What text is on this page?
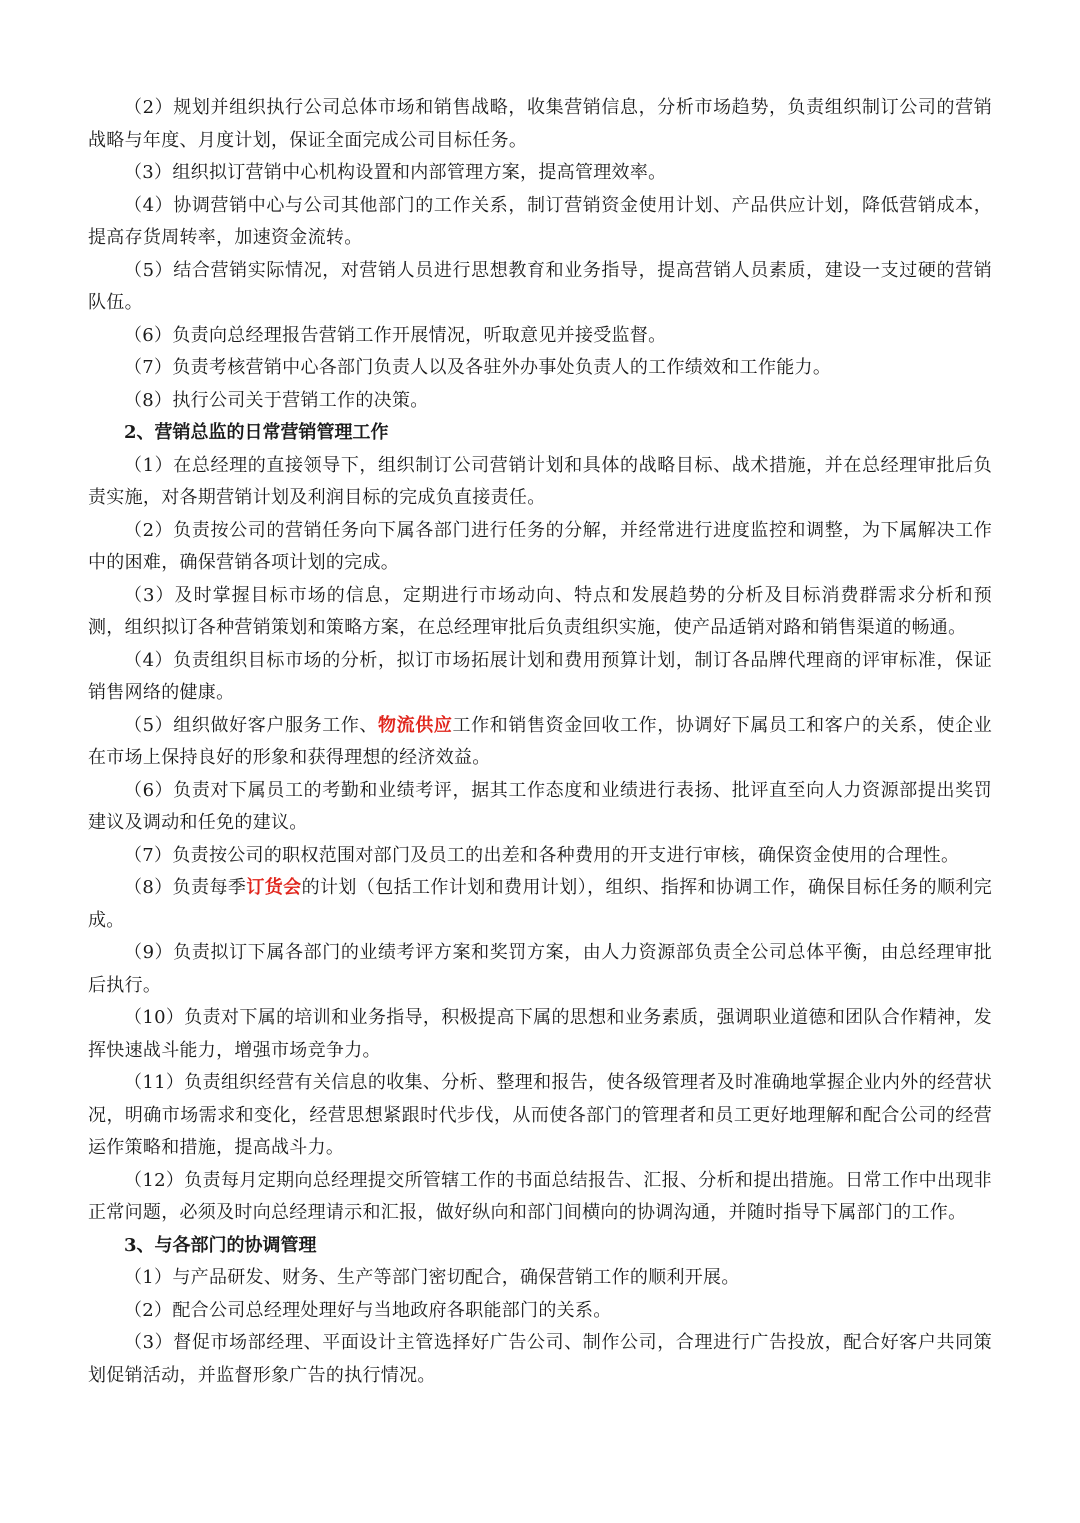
（2）规划并组织执行公司总体市场和销售战略，收集营销信息，分析市场趋势，负责组织制订公司的营销战略与年度、月度计划，保证全面完成公司目标任务。

（3）组织拟订营销中心机构设置和内部管理方案，提高管理效率。

（4）协调营销中心与公司其他部门的工作关系，制订营销资金使用计划、产品供应计划，降低营销成本，提高存货周转率，加速资金流转。

（5）结合营销实际情况，对营销人员进行思想教育和业务指导，提高营销人员素质，建设一支过硬的营销队伍。

（6）负责向总经理报告营销工作开展情况，听取意见并接受监督。

（7）负责考核营销中心各部门负责人以及各驻外办事处负责人的工作绩效和工作能力。

（8）执行公司关于营销工作的决策。

2、营销总监的日常营销管理工作

（1）在总经理的直接领导下，组织制订公司营销计划和具体的战略目标、战术措施，并在总经理审批后负责实施，对各期营销计划及利润目标的完成负直接责任。

（2）负责按公司的营销任务向下属各部门进行任务的分解，并经常进行进度监控和调整，为下属解决工作中的困难，确保营销各项计划的完成。

（3）及时掌握目标市场的信息，定期进行市场动向、特点和发展趋势的分析及目标消费群需求分析和预测，组织拟订各种营销策划和策略方案，在总经理审批后负责组织实施，使产品适销对路和销售渠道的畅通。

（4）负责组织目标市场的分析，拟订市场拓展计划和费用预算计划，制订各品牌代理商的评审标准，保证销售网络的健康。

（5）组织做好客户服务工作、物流供应工作和销售资金回收工作，协调好下属员工和客户的关系，使企业在市场上保持良好的形象和获得理想的经济效益。

（6）负责对下属员工的考勤和业绩考评，据其工作态度和业绩进行表扬、批评直至向人力资源部提出奖罚建议及调动和任免的建议。

（7）负责按公司的职权范围对部门及员工的出差和各种费用的开支进行审核，确保资金使用的合理性。

（8）负责每季订货会的计划（包括工作计划和费用计划），组织、指挥和协调工作，确保目标任务的顺利完成。

（9）负责拟订下属各部门的业绩考评方案和奖罚方案，由人力资源部负责全公司总体平衡，由总经理审批后执行。

（10）负责对下属的培训和业务指导，积极提高下属的思想和业务素质，强调职业道德和团队合作精神，发挥快速战斗能力，增强市场竞争力。

（11）负责组织经营有关信息的收集、分析、整理和报告，使各级管理者及时准确地掌握企业内外的经营状况，明确市场需求和变化，经营思想紧跟时代步伐，从而使各部门的管理者和员工更好地理解和配合公司的经营运作策略和措施，提高战斗力。

（12）负责每月定期向总经理提交所管辖工作的书面总结报告、汇报、分析和提出措施。日常工作中出现非正常问题，必须及时向总经理请示和汇报，做好纵向和部门间横向的协调沟通，并随时指导下属部门的工作。

3、与各部门的协调管理

（1）与产品研发、财务、生产等部门密切配合，确保营销工作的顺利开展。

（2）配合公司总经理处理好与当地政府各职能部门的关系。

（3）督促市场部经理、平面设计主管选择好广告公司、制作公司，合理进行广告投放，配合好客户共同策划促销活动，并监督形象广告的执行情况。
